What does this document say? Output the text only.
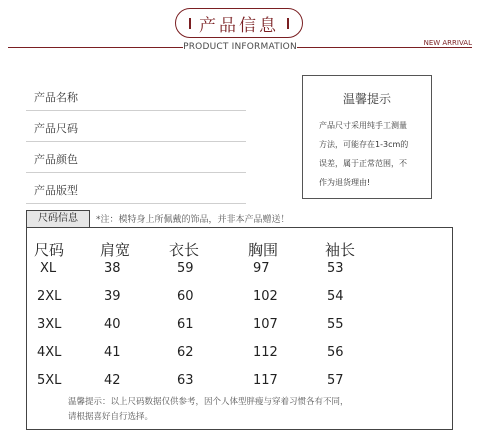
产品信息
PRODUCT INFORMATION	NEW ARRIVAL
产品名称
产品尺码
产品颜色
产品版型
温馨提示
产品尺寸采用纯手工测量
方法，可能存在1-3cm的
误差，属于正常范围，不
作为退货理由!
尺码信息	*注：模特身上所佩戴的饰品，并非本产品赠送！
尺码 肩宽	衣长	胸围	袖长
XL	38	59	97	53
2XL	39	60	102	54
3XL	40	61	107	55
4XL	41	62	112	56
5XL	42	63	117	57
温馨提示：以上尺码数据仅供参考，因个人体型胖瘦与穿着习惯各有不同，
请根据喜好自行选择。
